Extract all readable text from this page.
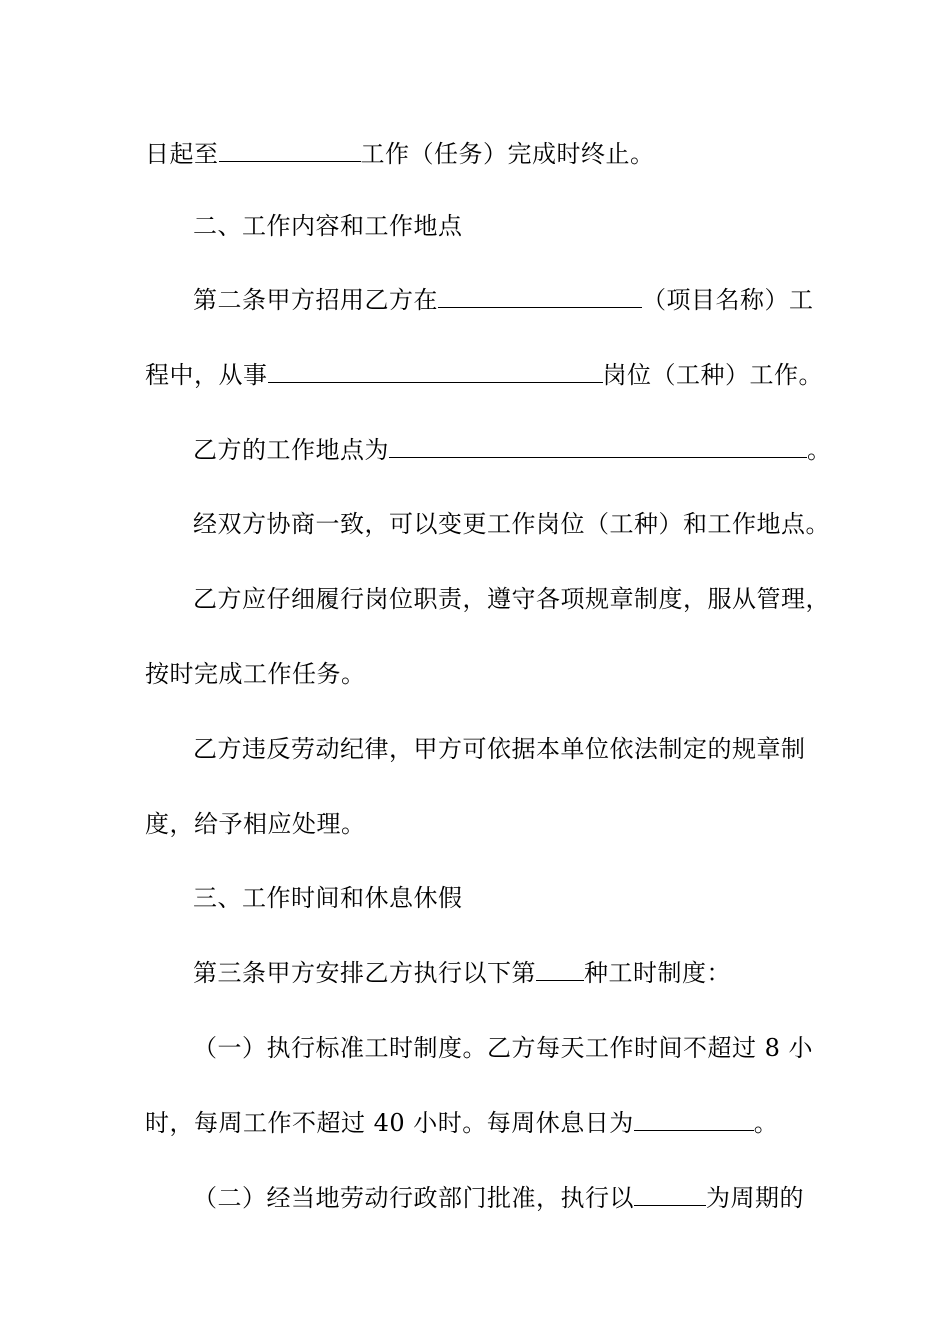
日起至	工作（任务）完成时终止。
二、工作内容和工作地点
第二条甲方招用乙方在	（项目名称）工
程中，从事	岗位（工种）工作。
乙方的工作地点为	。
经双方协商一致，可以变更工作岗位（工种）和工作地点。
乙方应仔细履行岗位职责，遵守各项规章制度，服从管理，
按时完成工作任务。
乙方违反劳动纪律，甲方可依据本单位依法制定的规章制
度，给予相应处理。
三、工作时间和休息休假
第三条甲方安排乙方执行以下第 种工时制度：
（一）执行标准工时制度。乙方每天工作时间不超过 8 小
时，每周工作不超过 40 小时。每周休息日为	。
（二）经当地劳动行政部门批准，执行以	为周期的
